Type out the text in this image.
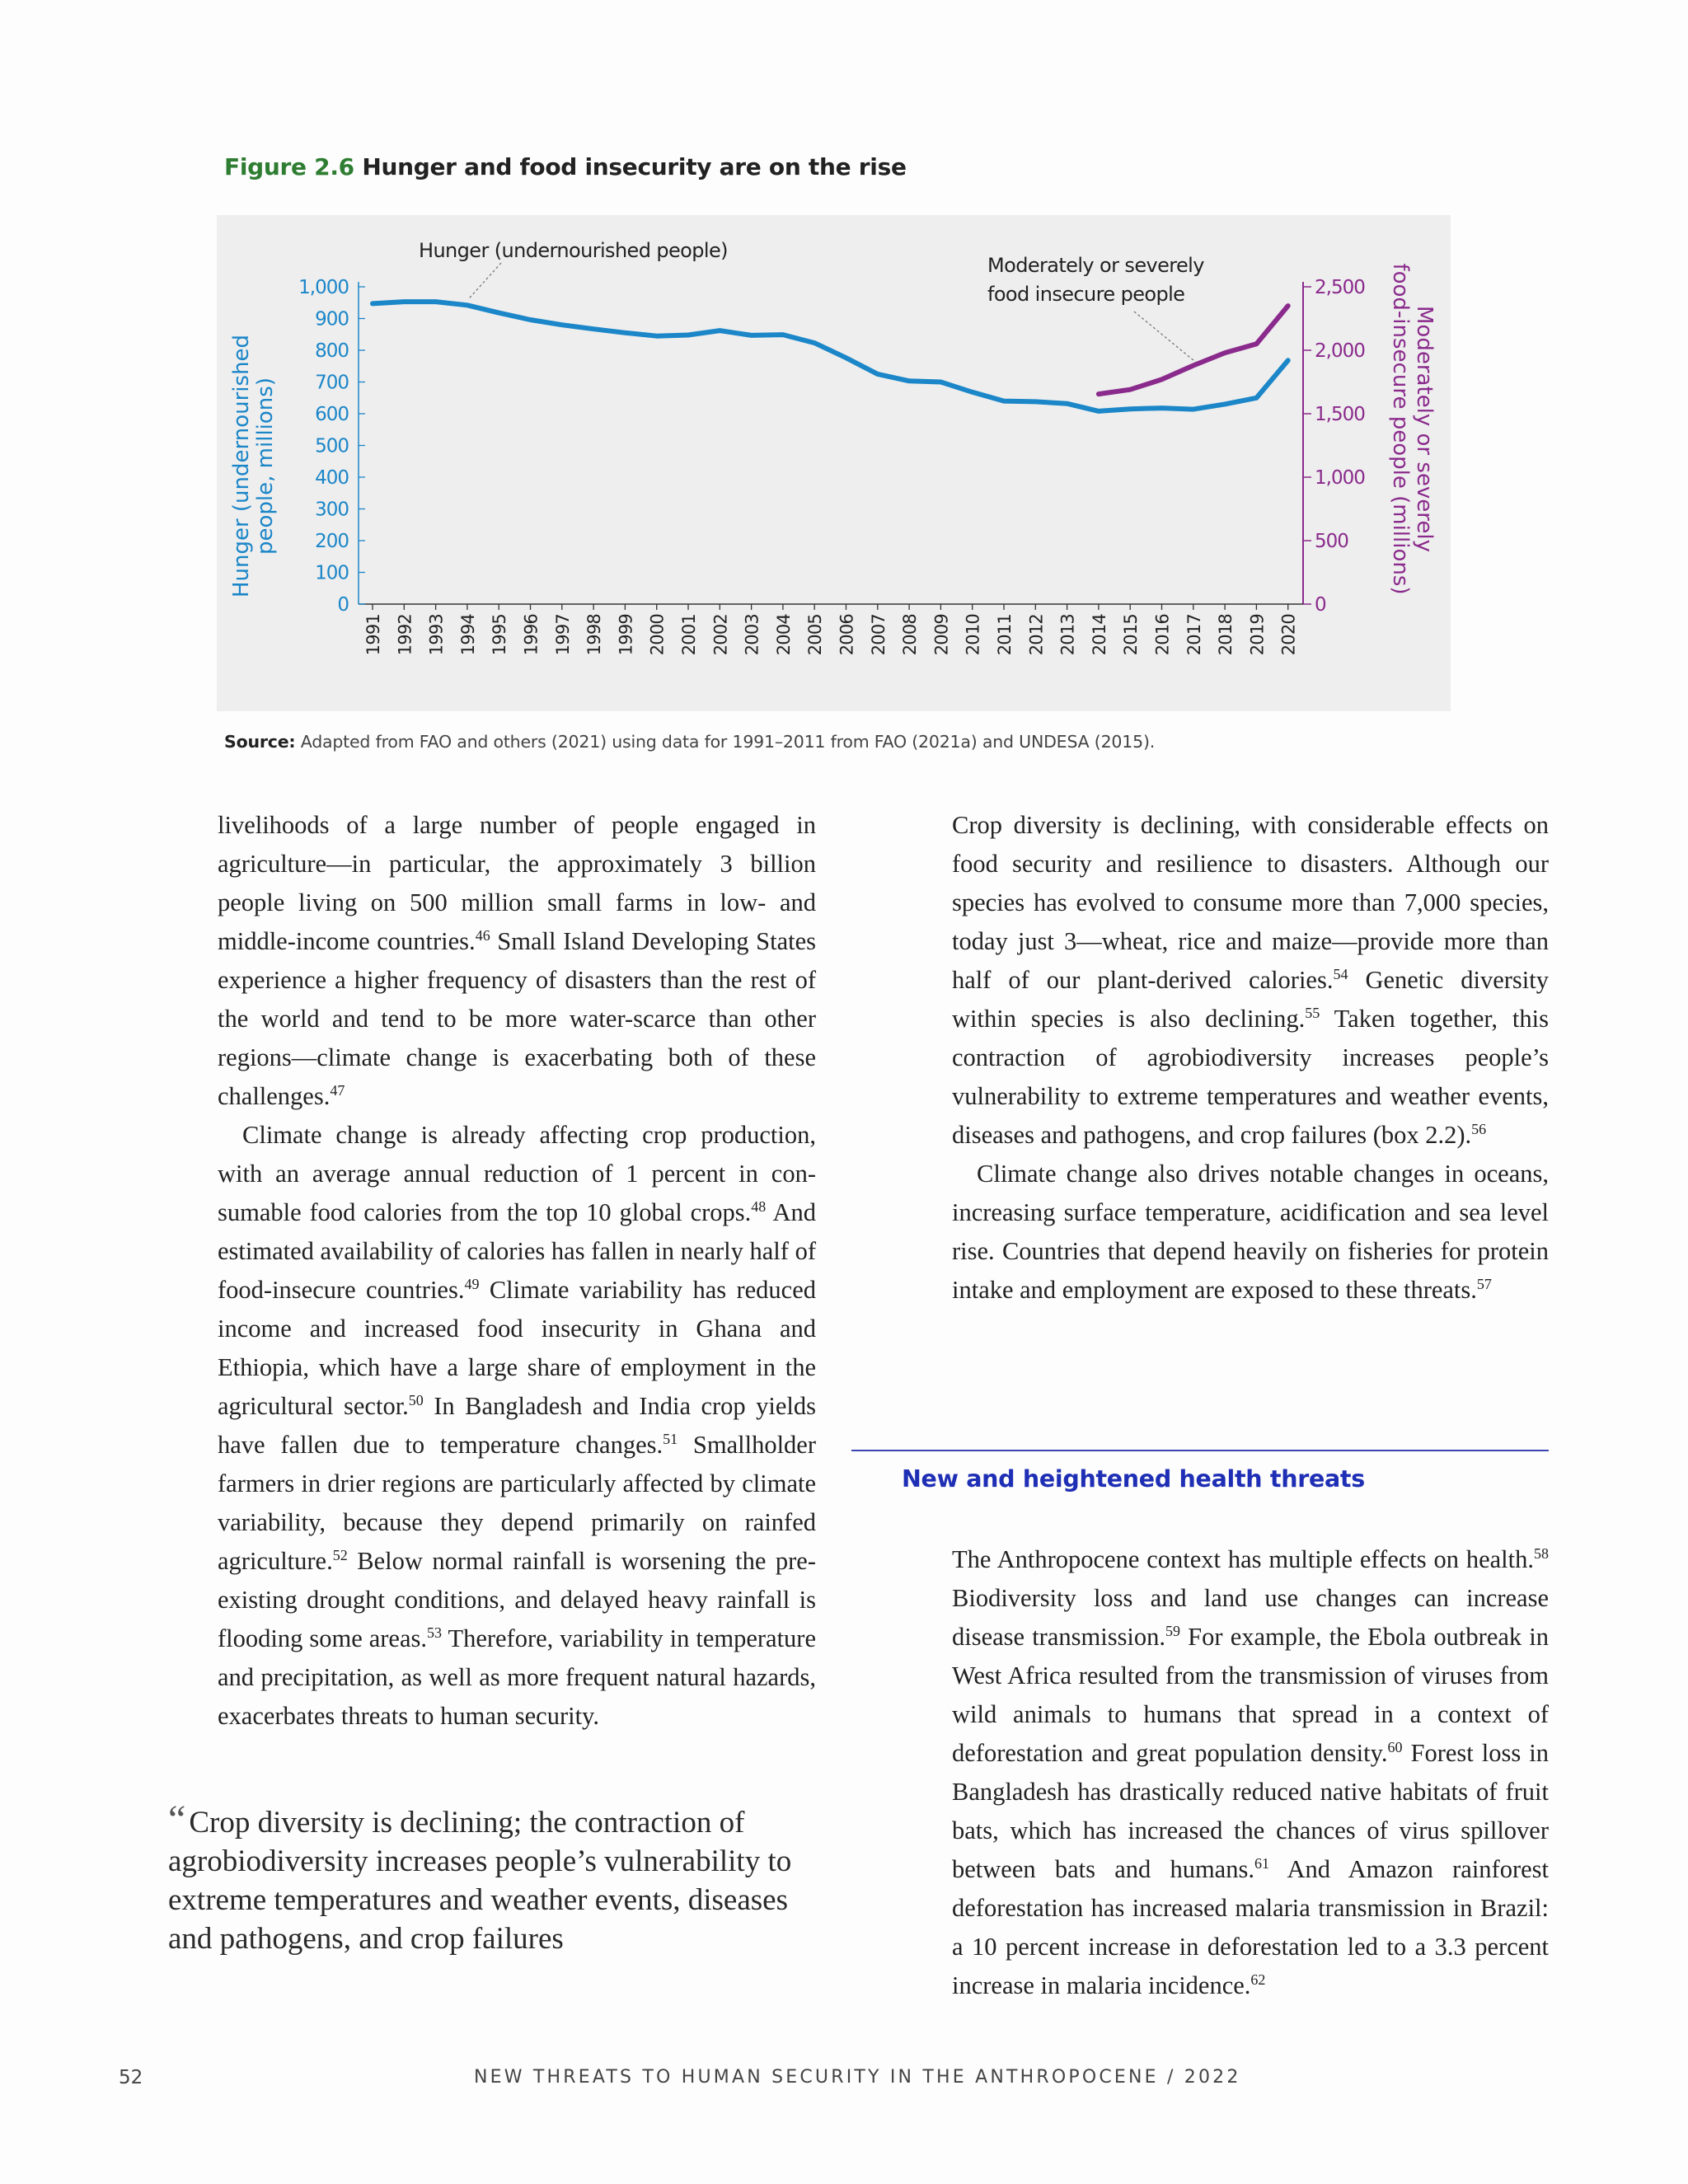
Figure 2.6 Hunger and food insecurity are on the rise
0
100
200
300
400
500
600
700
800
900
1,000
0
500
1,000
1,500
2,000
2,500
1991 1992 1993 1994 1995 1996 1997 1998 1999 2000 2001 2002 2003 2004 2005 2006 2007 2008 2009 2010 2011 2012 2013 2014 2015 2016 2017 2018 2019 2020
Hunger (undernourished people, millions)	Moderately or severely
food-insecure people (millions)
Hunger (undernourished people)
Moderately or severely
food insecure people

Source: Adapted from FAO and others (2021) using data for 1991–2011 from FAO (2021a) and UNDESA (2015).

livelihoods of a large number of people engaged in agriculture—in particular, the approximately 3 billion people living on 500 million small farms in low- and middle-income countries.$^{46}$ Small Island Developing States experience a higher frequency of disasters than the rest of the world and tend to be more water-scarce than other regions—climate change is exacerbating both of these challenges.$^{47}$

Climate change is already affecting crop production, with an average annual reduction of 1 percent in consumable food calories from the top 10 global crops.$^{48}$ And estimated availability of calories has fallen in nearly half of food-insecure countries.$^{49}$ Climate variability has reduced income and increased food insecurity in Ghana and Ethiopia, which have a large share of employment in the agricultural sector.$^{50}$ In Bangladesh and India crop yields have fallen due to temperature changes.$^{51}$ Smallholder farmers in drier regions are particularly affected by climate variability, because they depend primarily on rainfed agriculture.$^{52}$ Below normal rainfall is worsening the pre-existing drought conditions, and delayed heavy rainfall is flooding some areas.$^{53}$ Therefore, variability in temperature and precipitation, as well as more frequent natural hazards, exacerbates threats to human security.

Crop diversity is declining, with considerable effects on food security and resilience to disasters. Although our species has evolved to consume more than 7,000 species, today just 3—wheat, rice and maize—provide more than half of our plant-derived calories.$^{54}$ Genetic diversity within species is also declining.$^{55}$ Taken together, this contraction of agrobiodiversity increases people’s vulnerability to extreme temperatures and weather events, diseases and pathogens, and crop failures (box 2.2).$^{56}$

Climate change also drives notable changes in oceans, increasing surface temperature, acidification and sea level rise. Countries that depend heavily on fisheries for protein intake and employment are exposed to these threats.$^{57}$

New and heightened health threats

The Anthropocene context has multiple effects on health.$^{58}$ Biodiversity loss and land use changes can increase disease transmission.$^{59}$ For example, the Ebola outbreak in West Africa resulted from the transmission of viruses from wild animals to humans that spread in a context of deforestation and great population density.$^{60}$ Forest loss in Bangladesh has drastically reduced native habitats of fruit bats, which has increased the chances of virus spillover between bats and humans.$^{61}$ And Amazon rainforest deforestation has increased malaria transmission in Brazil: a 10 percent increase in deforestation led to a 3.3 percent increase in malaria incidence.$^{62}$

“ Crop diversity is declining; the contraction of agrobiodiversity increases people’s vulnerability to extreme temperatures and weather events, diseases and pathogens, and crop failures

52	NEW THREATS TO HUMAN SECURITY IN THE ANTHROPOCENE / 2022
